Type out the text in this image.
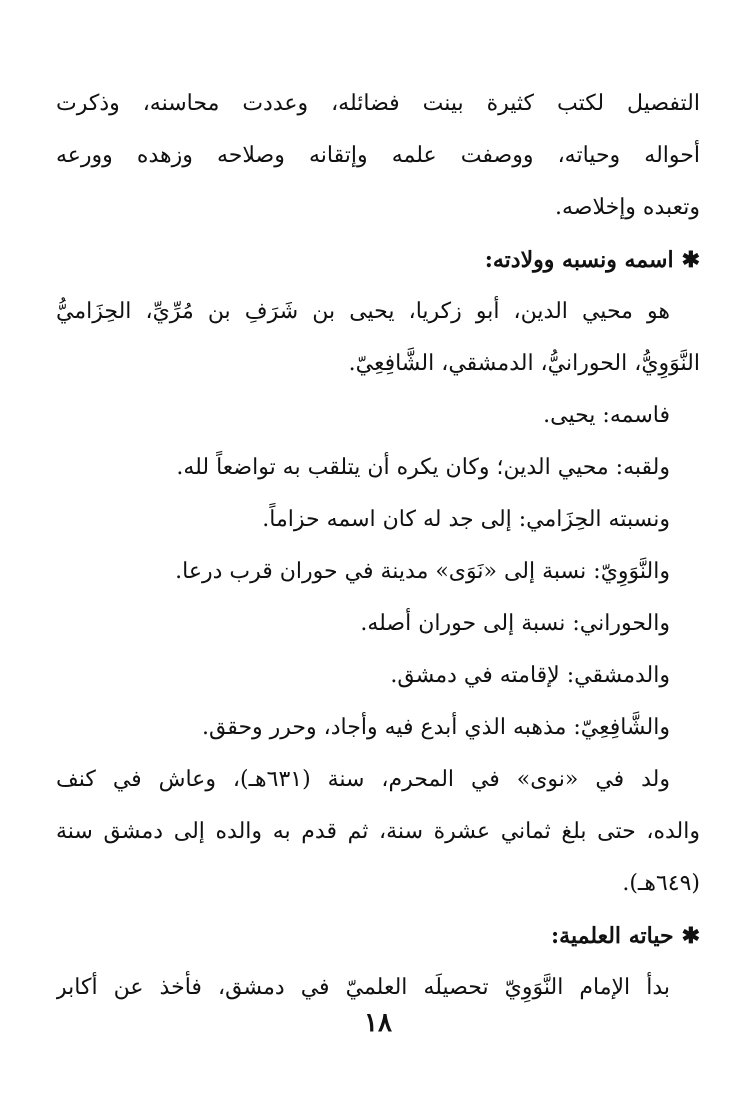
التفصيل لكتب كثيرة بينت فضائله، وعددت محاسنه، وذكرت
أحواله وحياته، ووصفت علمه وإتقانه وصلاحه وزهده وورعه
وتعبده وإخلاصه.
✱اسمه ونسبه وولادته:
هو محيي الدين، أبو زكريا، يحيى بن شَرَفِ بن مُرِّيِّ، الحِزَاميُّ
النَّوَوِيُّ، الحورانيُّ، الدمشقي، الشَّافِعِيّ.
فاسمه: يحيى.
ولقبه: محيي الدين؛ وكان يكره أن يتلقب به تواضعاً لله.
ونسبته الحِزَامي: إلى جد له كان اسمه حزاماً.
والنَّوَوِيّ: نسبة إلى «نَوَى» مدينة في حوران قرب درعا.
والحوراني: نسبة إلى حوران أصله.
والدمشقي: لإقامته في دمشق.
والشَّافِعِيّ: مذهبه الذي أبدع فيه وأجاد، وحرر وحقق.
ولد في «نوى» في المحرم، سنة (٦٣١هـ)، وعاش في كنف
والده، حتى بلغ ثماني عشرة سنة، ثم قدم به والده إلى دمشق سنة
(٦٤٩هـ).
✱حياته العلمية:
بدأ الإمام النَّوَوِيّ تحصيلَه العلميّ في دمشق، فأخذ عن أكابر
١٨
